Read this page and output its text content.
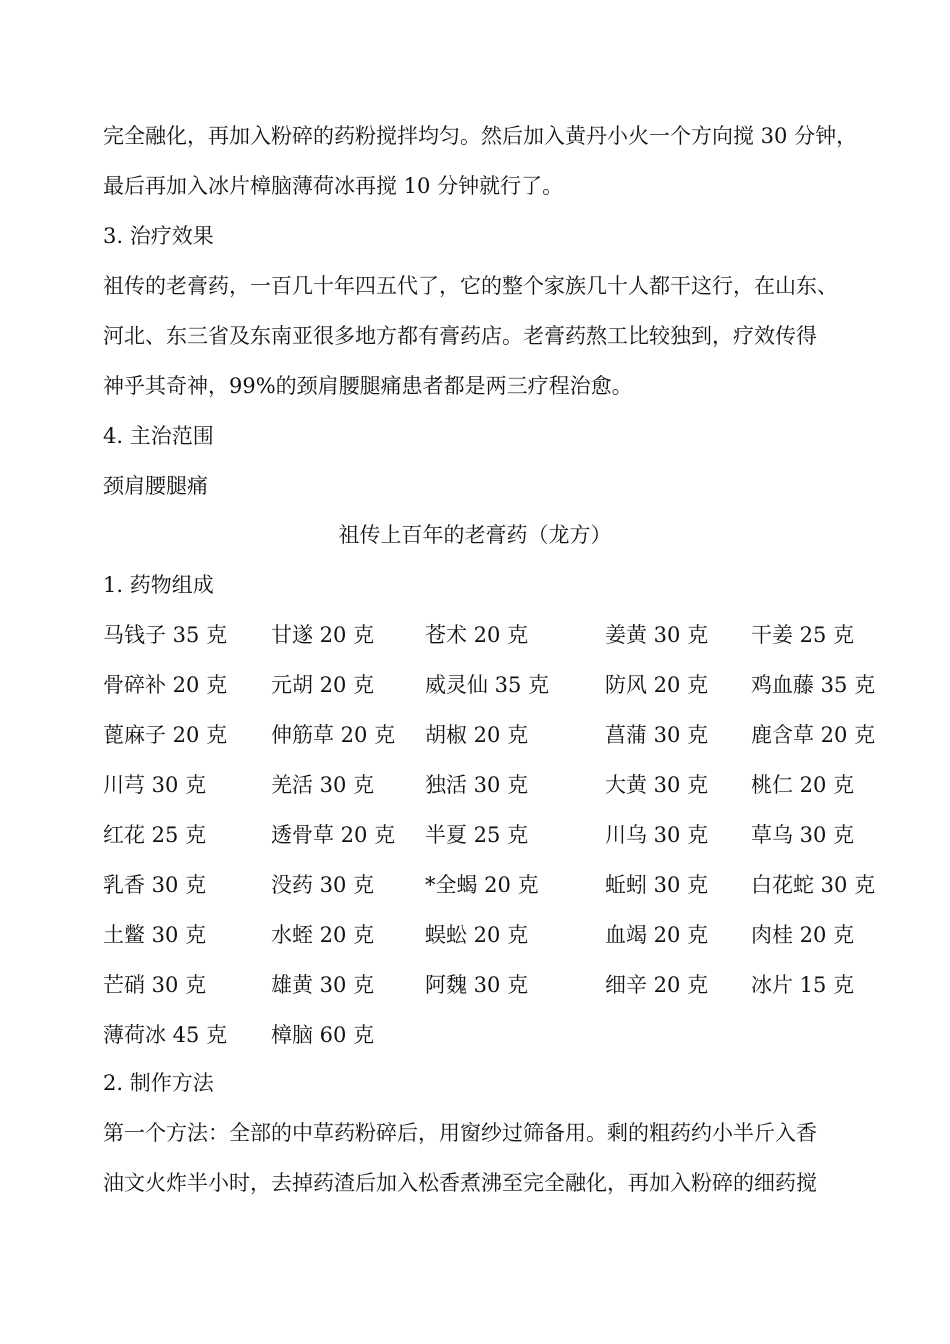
完全融化，再加入粉碎的药粉搅拌均匀。然后加入黄丹小火一个方向搅 30 分钟，
最后再加入冰片樟脑薄荷冰再搅 10 分钟就行了。
3. 治疗效果
祖传的老膏药，一百几十年四五代了，它的整个家族几十人都干这行，在山东、
河北、东三省及东南亚很多地方都有膏药店。老膏药熬工比较独到，疗效传得
神乎其奇神，99%的颈肩腰腿痛患者都是两三疗程治愈。
4. 主治范围
颈肩腰腿痛
祖传上百年的老膏药（龙方）
1. 药物组成
马钱子 35 克 甘遂 20 克 苍术 20 克	姜黄 30 克 干姜 25 克
骨碎补 20 克 元胡 20 克 威灵仙 35 克	防风 20 克 鸡血藤 35 克
蓖麻子 20 克 伸筋草 20 克 胡椒 20 克	菖蒲 30 克 鹿含草 20 克
川芎 30 克	羌活 30 克 独活 30 克	大黄 30 克 桃仁 20 克
红花 25 克	透骨草 20 克 半夏 25 克	川乌 30 克 草乌 30 克
乳香 30 克	没药 30 克 *全蝎 20 克	蚯蚓 30 克 白花蛇 30 克
土鳖 30 克	水蛭 20 克 蜈蚣 20 克	血竭 20 克 肉桂 20 克
芒硝 30 克	雄黄 30 克 阿魏 30 克	细辛 20 克 冰片 15 克
薄荷冰 45 克 樟脑 60 克
2. 制作方法
第一个方法：全部的中草药粉碎后，用窗纱过筛备用。剩的粗药约小半斤入香
油文火炸半小时，去掉药渣后加入松香煮沸至完全融化，再加入粉碎的细药搅
